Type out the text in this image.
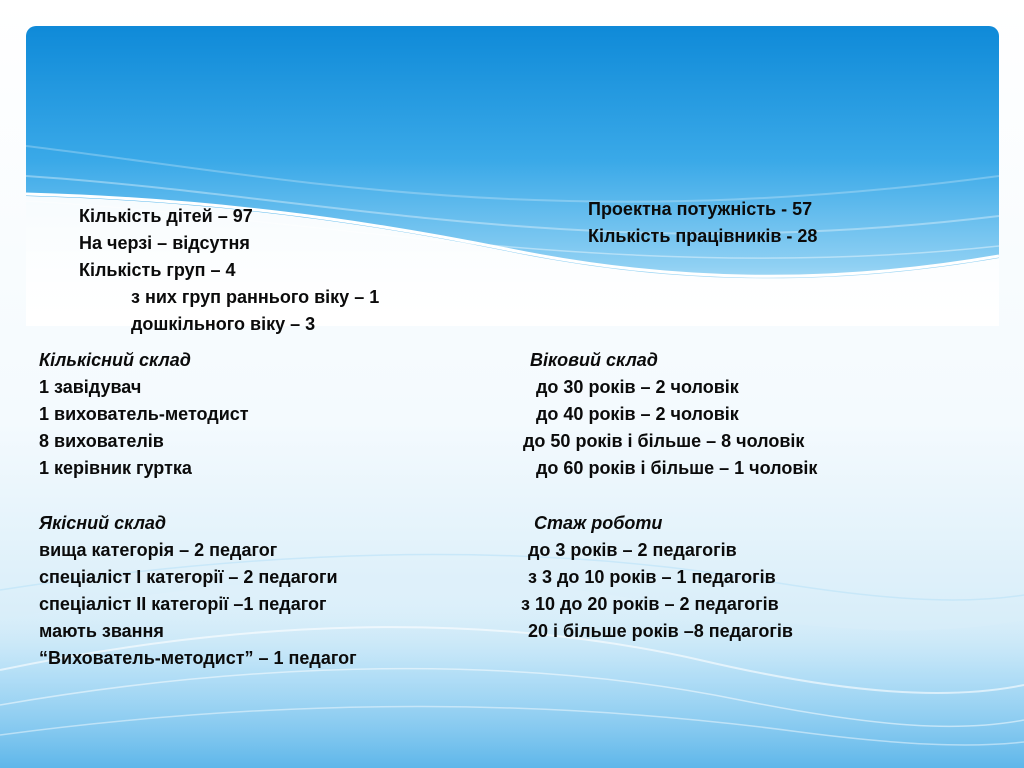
Кількість дітей – 97
На черзі – відсутня
Кількість груп – 4
з них груп раннього віку – 1
дошкільного віку – 3
Проектна потужність - 57
Кількість працівників - 28
Кількісний склад
1 завідувач
1 вихователь-методист
8 вихователів
1 керівник гуртка
Віковий склад
до 30 років – 2 чоловік
до 40 років – 2 чоловік
до 50 років і більше – 8 чоловік
до 60 років і більше – 1 чоловік
Якісний склад
вища категорія – 2 педагог
спеціаліст I категорії – 2 педагоги
спеціаліст II категорії –1 педагог
мають звання
“Вихователь-методист” – 1 педагог
Стаж роботи
до 3 років – 2 педагогів
з 3 до 10 років – 1 педагогів
з 10 до 20 років – 2 педагогів
20 і більше років –8 педагогів
